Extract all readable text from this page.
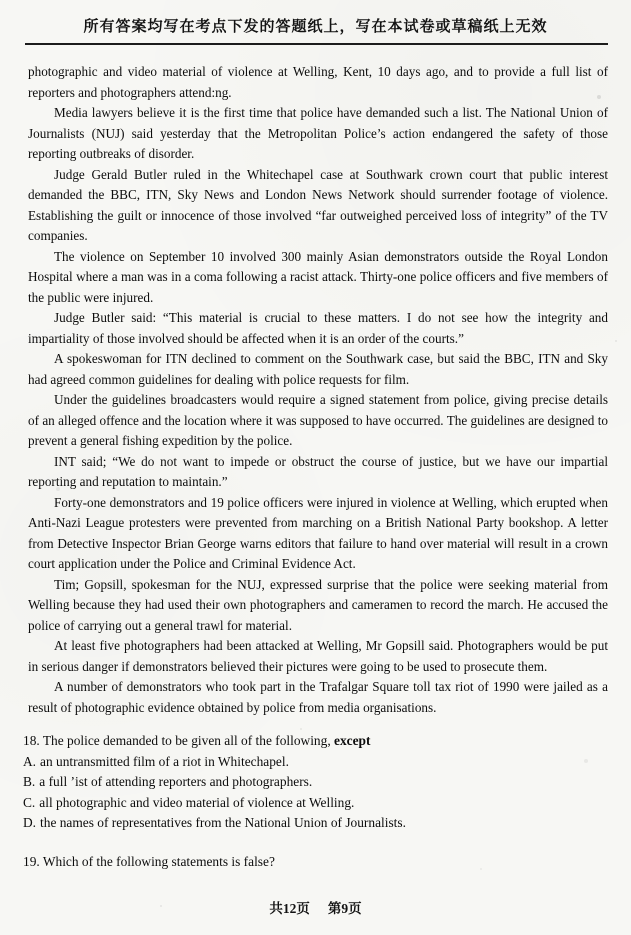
所有答案均写在考点下发的答题纸上，写在本试卷或草稿纸上无效

photographic and video material of violence at Welling, Kent, 10 days ago, and to provide a full list of reporters and photographers attend:ng.

Media lawyers believe it is the first time that police have demanded such a list. The National Union of Journalists (NUJ) said yesterday that the Metropolitan Police’s action endangered the safety of those reporting outbreaks of disorder.

Judge Gerald Butler ruled in the Whitechapel case at Southwark crown court that public interest demanded the BBC, ITN, Sky News and London News Network should surrender footage of violence. Establishing the guilt or innocence of those involved “far outweighed perceived loss of integrity” of the TV companies.

The violence on September 10 involved 300 mainly Asian demonstrators outside the Royal London Hospital where a man was in a coma following a racist attack. Thirty-one police officers and five members of the public were injured.

Judge Butler said: “This material is crucial to these matters. I do not see how the integrity and impartiality of those involved should be affected when it is an order of the courts.”

A spokeswoman for ITN declined to comment on the Southwark case, but said the BBC, ITN and Sky had agreed common guidelines for dealing with police requests for film.

Under the guidelines broadcasters would require a signed statement from police, giving precise details of an alleged offence and the location where it was supposed to have occurred. The guidelines are designed to prevent a general fishing expedition by the police.

INT said; “We do not want to impede or obstruct the course of justice, but we have our impartial reporting and reputation to maintain.”

Forty-one demonstrators and 19 police officers were injured in violence at Welling, which erupted when Anti-Nazi League protesters were prevented from marching on a British National Party bookshop. A letter from Detective Inspector Brian George warns editors that failure to hand over material will result in a crown court application under the Police and Criminal Evidence Act.

Tim; Gopsill, spokesman for the NUJ, expressed surprise that the police were seeking material from Welling because they had used their own photographers and cameramen to record the march. He accused the police of carrying out a general trawl for material.

At least five photographers had been attacked at Welling, Mr Gopsill said. Photographers would be put in serious danger if demonstrators believed their pictures were going to be used to prosecute them.

A number of demonstrators who took part in the Trafalgar Square toll tax riot of 1990 were jailed as a result of photographic evidence obtained by police from media organisations.

18. The police demanded to be given all of the following, except
A. an untransmitted film of a riot in Whitechapel.
B. a full ʼist of attending reporters and photographers.
C. all photographic and video material of violence at Welling.
D. the names of representatives from the National Union of Journalists.
19. Which of the following statements is false?
共12页 第9页
